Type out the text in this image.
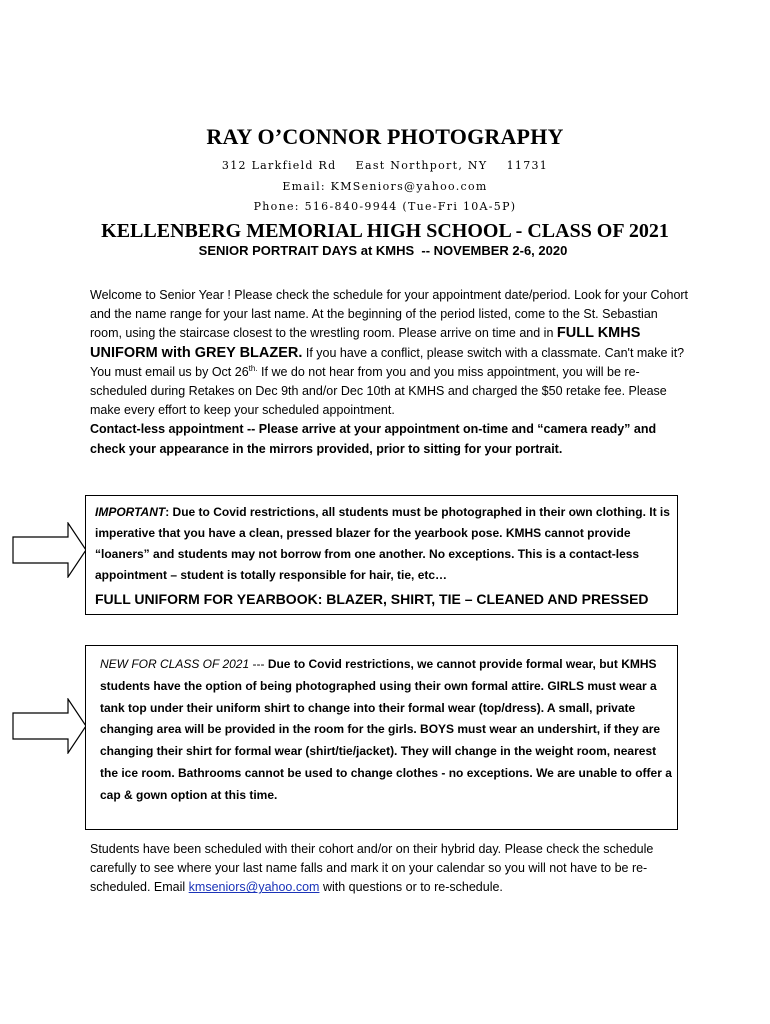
RAY O’CONNOR PHOTOGRAPHY
312 Larkfield Rd    East Northport, NY    11731
Email: KMSeniors@yahoo.com
Phone: 516-840-9944 (Tue-Fri 10A-5P)
KELLENBERG MEMORIAL HIGH SCHOOL - CLASS OF 2021
SENIOR PORTRAIT DAYS at KMHS  -- NOVEMBER 2-6, 2020
Welcome to Senior Year ! Please check the schedule for your appointment date/period. Look for your Cohort and the name range for your last name. At the beginning of the period listed, come to the St. Sebastian room, using the staircase closest to the wrestling room. Please arrive on time and in FULL KMHS UNIFORM with GREY BLAZER. If you have a conflict, please switch with a classmate. Can't make it? You must email us by Oct $26^{th.}$ If we do not hear from you and you miss appointment, you will be re-scheduled during Retakes on Dec 9th and/or Dec 10th at KMHS and charged the $50 retake fee. Please make every effort to keep your scheduled appointment.
Contact-less appointment -- Please arrive at your appointment on-time and “camera ready” and check your appearance in the mirrors provided, prior to sitting for your portrait.
IMPORTANT: Due to Covid restrictions, all students must be photographed in their own clothing. It is imperative that you have a clean, pressed blazer for the yearbook pose. KMHS cannot provide “loaners” and students may not borrow from one another. No exceptions. This is a contact-less appointment – student is totally responsible for hair, tie, etc…
FULL UNIFORM FOR YEARBOOK: BLAZER, SHIRT, TIE – CLEANED AND PRESSED
NEW FOR CLASS OF 2021 --- Due to Covid restrictions, we cannot provide formal wear, but KMHS students have the option of being photographed using their own formal attire. GIRLS must wear a tank top under their uniform shirt to change into their formal wear (top/dress). A small, private changing area will be provided in the room for the girls. BOYS must wear an undershirt, if they are changing their shirt for formal wear (shirt/tie/jacket). They will change in the weight room, nearest the ice room. Bathrooms cannot be used to change clothes - no exceptions. We are unable to offer a cap & gown option at this time.
Students have been scheduled with their cohort and/or on their hybrid day. Please check the schedule carefully to see where your last name falls and mark it on your calendar so you will not have to be re-scheduled. Email kmseniors@yahoo.com with questions or to re-schedule.
